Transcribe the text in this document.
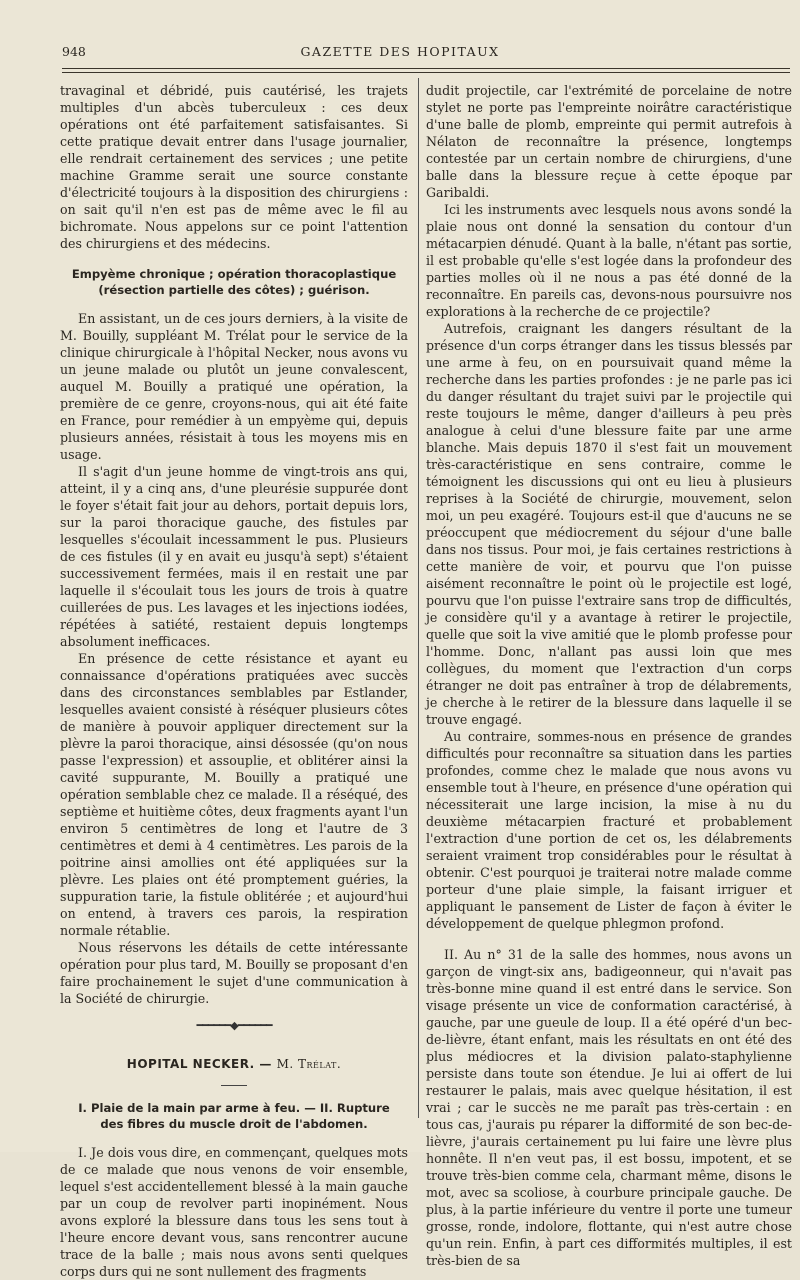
948	GAZETTE DES HOPITAUX

travaginal et débridé, puis cautérisé, les trajets multiples d'un abcès tuberculeux : ces deux opérations ont été parfaitement satisfaisantes. Si cette pratique devait entrer dans l'usage journalier, elle rendrait certainement des services ; une petite machine Gramme serait une source constante d'électricité toujours à la disposition des chirurgiens : on sait qu'il n'en est pas de même avec le fil au bichromate. Nous appelons sur ce point l'attention des chirurgiens et des médecins.

Empyème chronique ; opération thoracoplastique (résection partielle des côtes) ; guérison.

En assistant, un de ces jours derniers, à la visite de M. Bouilly, suppléant M. Trélat pour le service de la clinique chirurgicale à l'hôpital Necker, nous avons vu un jeune malade ou plutôt un jeune convalescent, auquel M. Bouilly a pratiqué une opération, la première de ce genre, croyons-nous, qui ait été faite en France, pour remédier à un empyème qui, depuis plusieurs années, résistait à tous les moyens mis en usage.

Il s'agit d'un jeune homme de vingt-trois ans qui, atteint, il y a cinq ans, d'une pleurésie suppurée dont le foyer s'était fait jour au dehors, portait depuis lors, sur la paroi thoracique gauche, des fistules par lesquelles s'écoulait incessamment le pus. Plusieurs de ces fistules (il y en avait eu jusqu'à sept) s'étaient successivement fermées, mais il en restait une par laquelle il s'écoulait tous les jours de trois à quatre cuillerées de pus. Les lavages et les injections iodées, répétées à satiété, restaient depuis longtemps absolument inefficaces.

En présence de cette résistance et ayant eu connaissance d'opérations pratiquées avec succès dans des circonstances semblables par Estlander, lesquelles avaient consisté à réséquer plusieurs côtes de manière à pouvoir appliquer directement sur la plèvre la paroi thoracique, ainsi désossée (qu'on nous passe l'expression) et assouplie, et oblitérer ainsi la cavité suppurante, M. Bouilly a pratiqué une opération semblable chez ce malade. Il a réséqué, des septième et huitième côtes, deux fragments ayant l'un environ 5 centimètres de long et l'autre de 3 centimètres et demi à 4 centimètres. Les parois de la poitrine ainsi amollies ont été appliquées sur la plèvre. Les plaies ont été promptement guéries, la suppuration tarie, la fistule oblitérée ; et aujourd'hui on entend, à travers ces parois, la respiration normale rétablie.

Nous réservons les détails de cette intéressante opération pour plus tard, M. Bouilly se proposant d'en faire prochainement le sujet d'une communication à la Société de chirurgie.

━━━━━━◆━━━━━━
HOPITAL NECKER. — M. Trélat.
I. Plaie de la main par arme à feu. — II. Rupture des fibres du muscle droit de l'abdomen.

I. Je dois vous dire, en commençant, quelques mots de ce malade que nous venons de voir ensemble, lequel s'est accidentellement blessé à la main gauche par un coup de revolver parti inopinément. Nous avons exploré la blessure dans tous les sens tout à l'heure encore devant vous, sans rencontrer aucune trace de la balle ; mais nous avons senti quelques corps durs qui ne sont nullement des fragments

dudit projectile, car l'extrémité de porcelaine de notre stylet ne porte pas l'empreinte noirâtre caractéristique d'une balle de plomb, empreinte qui permit autrefois à Nélaton de reconnaître la présence, longtemps contestée par un certain nombre de chirurgiens, d'une balle dans la blessure reçue à cette époque par Garibaldi.

Ici les instruments avec lesquels nous avons sondé la plaie nous ont donné la sensation du contour d'un métacarpien dénudé. Quant à la balle, n'étant pas sortie, il est probable qu'elle s'est logée dans la profondeur des parties molles où il ne nous a pas été donné de la reconnaître. En pareils cas, devons-nous poursuivre nos explorations à la recherche de ce projectile?

Autrefois, craignant les dangers résultant de la présence d'un corps étranger dans les tissus blessés par une arme à feu, on en poursuivait quand même la recherche dans les parties profondes : je ne parle pas ici du danger résultant du trajet suivi par le projectile qui reste toujours le même, danger d'ailleurs à peu près analogue à celui d'une blessure faite par une arme blanche. Mais depuis 1870 il s'est fait un mouvement très-caractéristique en sens contraire, comme le témoignent les discussions qui ont eu lieu à plusieurs reprises à la Société de chirurgie, mouvement, selon moi, un peu exagéré. Toujours est-il que d'aucuns ne se préoccupent que médiocrement du séjour d'une balle dans nos tissus. Pour moi, je fais certaines restrictions à cette manière de voir, et pourvu que l'on puisse aisément reconnaître le point où le projectile est logé, pourvu que l'on puisse l'extraire sans trop de difficultés, je considère qu'il y a avantage à retirer le projectile, quelle que soit la vive amitié que le plomb professe pour l'homme. Donc, n'allant pas aussi loin que mes collègues, du moment que l'extraction d'un corps étranger ne doit pas entraîner à trop de délabrements, je cherche à le retirer de la blessure dans laquelle il se trouve engagé.

Au contraire, sommes-nous en présence de grandes difficultés pour reconnaître sa situation dans les parties profondes, comme chez le malade que nous avons vu ensemble tout à l'heure, en présence d'une opération qui nécessiterait une large incision, la mise à nu du deuxième métacarpien fracturé et probablement l'extraction d'une portion de cet os, les délabrements seraient vraiment trop considérables pour le résultat à obtenir. C'est pourquoi je traiterai notre malade comme porteur d'une plaie simple, la faisant irriguer et appliquant le pansement de Lister de façon à éviter le développement de quelque phlegmon profond.

II. Au n° 31 de la salle des hommes, nous avons un garçon de vingt-six ans, badigeonneur, qui n'avait pas très-bonne mine quand il est entré dans le service. Son visage présente un vice de conformation caractérisé, à gauche, par une gueule de loup. Il a été opéré d'un bec-de-lièvre, étant enfant, mais les résultats en ont été des plus médiocres et la division palato-staphylienne persiste dans toute son étendue. Je lui ai offert de lui restaurer le palais, mais avec quelque hésitation, il est vrai ; car le succès ne me paraît pas très-certain : en tous cas, j'aurais pu réparer la difformité de son bec-de-lièvre, j'aurais certainement pu lui faire une lèvre plus honnête. Il n'en veut pas, il est bossu, impotent, et se trouve très-bien comme cela, charmant même, disons le mot, avec sa scoliose, à courbure principale gauche. De plus, à la partie inférieure du ventre il porte une tumeur grosse, ronde, indolore, flottante, qui n'est autre chose qu'un rein. Enfin, à part ces difformités multiples, il est très-bien de sa
